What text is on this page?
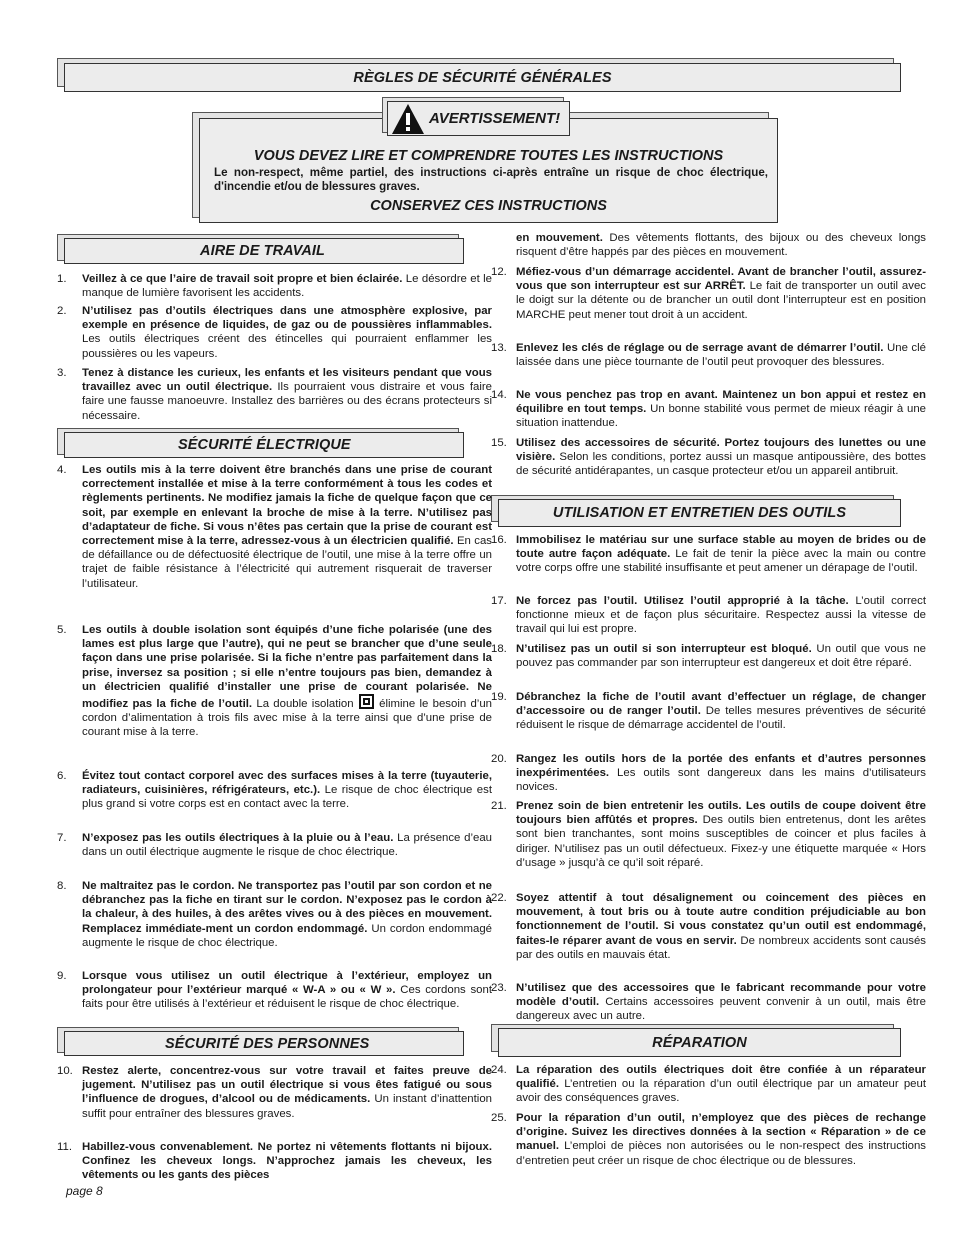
RÈGLES DE SÉCURITÉ GÉNÉRALES
AVERTISSEMENT!
VOUS DEVEZ LIRE ET COMPRENDRE TOUTES LES INSTRUCTIONS
Le non-respect, même partiel, des instructions ci-après entraîne un risque de choc électrique, d'incendie et/ou de blessures graves.
CONSERVEZ CES INSTRUCTIONS
AIRE DE TRAVAIL
SÉCURITÉ ÉLECTRIQUE
SÉCURITÉ DES PERSONNES
UTILISATION ET ENTRETIEN DES OUTILS
RÉPARATION
1.	Veillez à ce que l’aire de travail soit propre et bien éclairée. Le désordre et le manque de lumière favorisent les accidents.
2.	N’utilisez pas d’outils électriques dans une atmosphère explosive, par exemple en présence de liquides, de gaz ou de poussières inflammables. Les outils électriques créent des étincelles qui pourraient enflammer les poussières ou les vapeurs.
3.	Tenez à distance les curieux, les enfants et les visiteurs pendant que vous travaillez avec un outil électrique. Ils pourraient vous distraire et vous faire faire une fausse manoeuvre. Installez des barrières ou des écrans protecteurs si nécessaire.
4.	Les outils mis à la terre doivent être branchés dans une prise de courant correctement installée et mise à la terre conformément à tous les codes et règlements pertinents. Ne modifiez jamais la fiche de quelque façon que ce soit, par exemple en enlevant la broche de mise à la terre. N’utilisez pas d’adaptateur de fiche. Si vous n’êtes pas certain que la prise de courant est correctement mise à la terre, adressez-vous à un électricien qualifié. En cas de défaillance ou de défectuosité électrique de l’outil, une mise à la terre offre un trajet de faible résistance à l’électricité qui autrement risquerait de traverser l’utilisateur.
5.	Les outils à double isolation sont équipés d’une fiche polarisée (une des lames est plus large que l’autre), qui ne peut se brancher que d’une seule façon dans une prise polarisée. Si la fiche n’entre pas parfaitement dans la prise, inversez sa position ; si elle n’entre toujours pas bien, demandez à un électricien qualifié d’installer une prise de courant polarisée. Ne modifiez pas la fiche de l’outil. La double isolation  élimine le besoin d’un cordon d’alimentation à trois fils avec mise à la terre ainsi que d’une prise de courant mise à la terre.
6.	Évitez tout contact corporel avec des surfaces mises à la terre (tuyauterie, radiateurs, cuisinières, réfrigérateurs, etc.). Le risque de choc électrique est plus grand si votre corps est en contact avec la terre.
7.	N’exposez pas les outils électriques à la pluie ou à l’eau. La présence d’eau dans un outil électrique augmente le risque de choc électrique.
8.	Ne maltraitez pas le cordon. Ne transportez pas l’outil par son cordon et ne débranchez pas la fiche en tirant sur le cordon. N’exposez pas le cordon à la chaleur, à des huiles, à des arêtes vives ou à des pièces en mouvement. Remplacez immédiate-ment un cordon endommagé. Un cordon endommagé augmente le risque de choc électrique.
9.	Lorsque vous utilisez un outil électrique à l’extérieur, employez un prolongateur pour l’extérieur marqué « W-A » ou « W ». Ces cordons sont faits pour être utilisés à l’extérieur et réduisent le risque de choc électrique.
10. Restez alerte, concentrez-vous sur votre travail et faites preuve de jugement. N’utilisez pas un outil électrique si vous êtes fatigué ou sous l’influence de drogues, d’alcool ou de médicaments. Un instant d’inattention suffit pour entraîner des blessures graves.
11. Habillez-vous convenablement. Ne portez ni vêtements flottants ni bijoux. Confinez les cheveux longs. N’approchez jamais les cheveux, les vêtements ou les gants des pièces
en mouvement. Des vêtements flottants, des bijoux ou des cheveux longs risquent d’être happés par des pièces en mouvement.
12. Méfiez-vous d’un démarrage accidentel. Avant de brancher l’outil, assurez-vous que son interrupteur est sur ARRÊT. Le fait de transporter un outil avec le doigt sur la détente ou de brancher un outil dont l’interrupteur est en position MARCHE peut mener tout droit à un accident.
13. Enlevez les clés de réglage ou de serrage avant de démarrer l’outil. Une clé laissée dans une pièce tournante de l’outil peut provoquer des blessures.
14. Ne vous penchez pas trop en avant. Maintenez un bon appui et restez en équilibre en tout temps. Un bonne stabilité vous permet de mieux réagir à une situation inattendue.
15. Utilisez des accessoires de sécurité. Portez toujours des lunettes ou une visière. Selon les conditions, portez aussi un masque antipoussière, des bottes de sécurité antidérapantes, un casque protecteur et/ou un appareil antibruit.
16. Immobilisez le matériau sur une surface stable au moyen de brides ou de toute autre façon adéquate. Le fait de tenir la pièce avec la main ou contre votre corps offre une stabilité insuffisante et peut amener un dérapage de l’outil.
17. Ne forcez pas l’outil. Utilisez l’outil approprié à la tâche. L’outil correct fonctionne mieux et de façon plus sécuritaire. Respectez aussi la vitesse de travail qui lui est propre.
18. N’utilisez pas un outil si son interrupteur est bloqué. Un outil que vous ne pouvez pas commander par son interrupteur est dangereux et doit être réparé.
19. Débranchez la fiche de l’outil avant d’effectuer un réglage, de changer d’accessoire ou de ranger l’outil. De telles mesures préventives de sécurité réduisent le risque de démarrage accidentel de l’outil.
20. Rangez les outils hors de la portée des enfants et d’autres personnes inexpérimentées. Les outils sont dangereux dans les mains d’utilisateurs novices.
21. Prenez soin de bien entretenir les outils. Les outils de coupe doivent être toujours bien affûtés et propres. Des outils bien entretenus, dont les arêtes sont bien tranchantes, sont moins susceptibles de coincer et plus faciles à diriger. N’utilisez pas un outil défectueux. Fixez-y une étiquette marquée « Hors d’usage » jusqu’à ce qu’il soit réparé.
22. Soyez attentif à tout désalignement ou coincement des pièces en mouvement, à tout bris ou à toute autre condition préjudiciable au bon fonctionnement de l’outil. Si vous constatez qu’un outil est endommagé, faites-le réparer avant de vous en servir. De nombreux accidents sont causés par des outils en mauvais état.
23. N’utilisez que des accessoires que le fabricant recommande pour votre modèle d’outil. Certains accessoires peuvent convenir à un outil, mais être dangereux avec un autre.
24. La réparation des outils électriques doit être confiée à un réparateur qualifié. L’entretien ou la réparation d’un outil électrique par un amateur peut avoir des conséquences graves.
25. Pour la réparation d’un outil, n’employez que des pièces de rechange d’origine. Suivez les directives données à la section « Réparation » de ce manuel. L’emploi de pièces non autorisées ou le non-respect des instructions d’entretien peut créer un risque de choc électrique ou de blessures.
page 8
